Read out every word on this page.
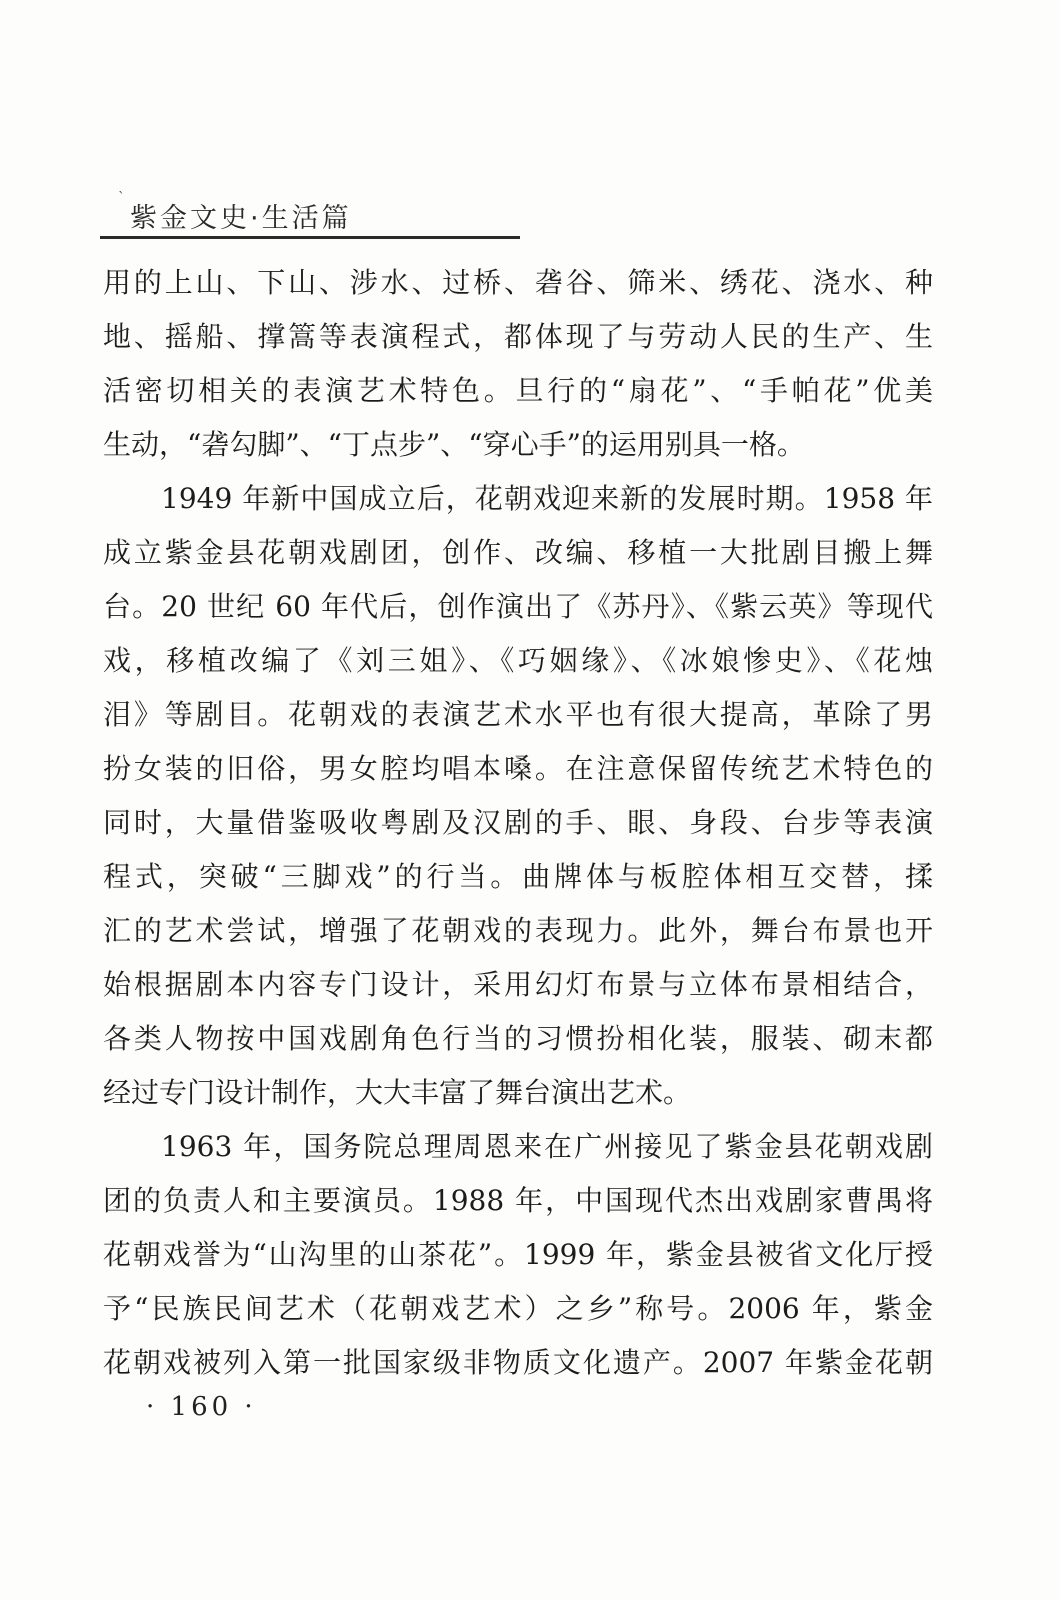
`
紫金文史·生活篇
用的上山、下山、涉水、过桥、砻谷、筛米、绣花、浇水、种
地、摇船、撑篙等表演程式，都体现了与劳动人民的生产、生
活密切相关的表演艺术特色。旦行的“扇花”、“手帕花”优美
生动，“砻勾脚”、“丁点步”、“穿心手”的运用别具一格。
1949 年新中国成立后，花朝戏迎来新的发展时期。1958 年
成立紫金县花朝戏剧团，创作、改编、移植一大批剧目搬上舞
台。20 世纪 60 年代后，创作演出了《苏丹》、《紫云英》等现代
戏，移植改编了《刘三姐》、《巧姻缘》、《冰娘惨史》、《花烛
泪》等剧目。花朝戏的表演艺术水平也有很大提高，革除了男
扮女装的旧俗，男女腔均唱本嗓。在注意保留传统艺术特色的
同时，大量借鉴吸收粤剧及汉剧的手、眼、身段、台步等表演
程式，突破“三脚戏”的行当。曲牌体与板腔体相互交替，揉
汇的艺术尝试，增强了花朝戏的表现力。此外，舞台布景也开
始根据剧本内容专门设计，采用幻灯布景与立体布景相结合，
各类人物按中国戏剧角色行当的习惯扮相化装，服装、砌末都
经过专门设计制作，大大丰富了舞台演出艺术。
1963 年，国务院总理周恩来在广州接见了紫金县花朝戏剧
团的负责人和主要演员。1988 年，中国现代杰出戏剧家曹禺将
花朝戏誉为“山沟里的山茶花”。1999 年，紫金县被省文化厅授
予“民族民间艺术（花朝戏艺术）之乡”称号。2006 年，紫金
花朝戏被列入第一批国家级非物质文化遗产。2007 年紫金花朝
· 160 ·
